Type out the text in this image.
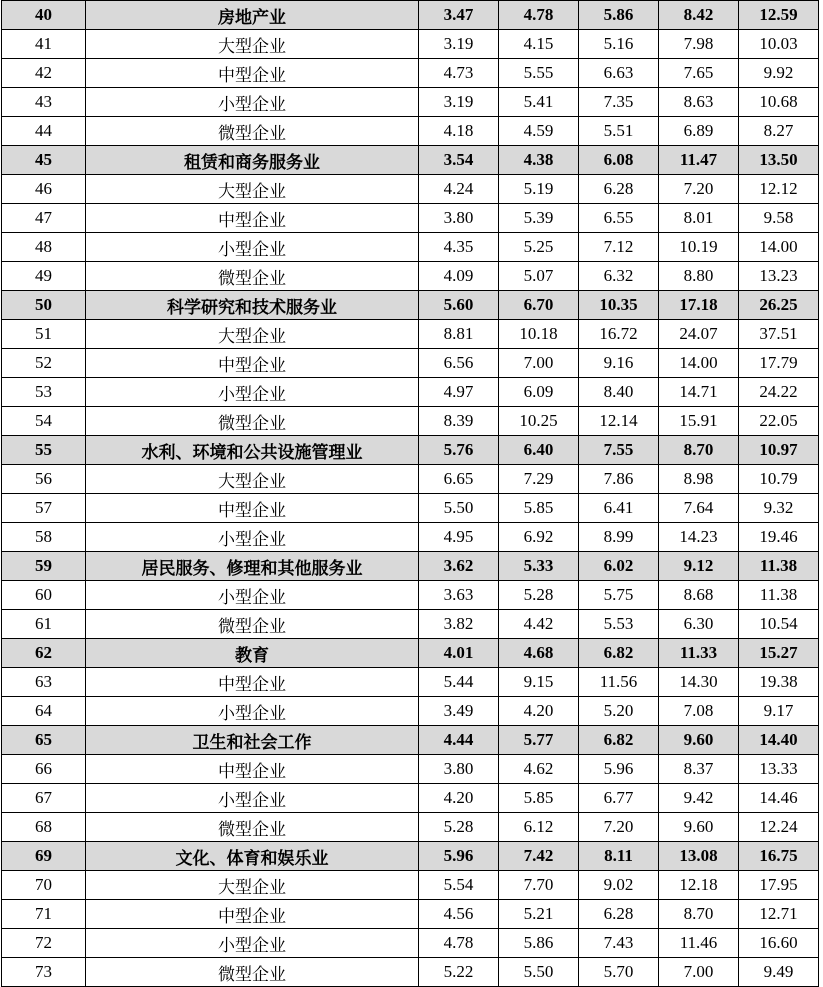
40	房地产业	3.47	4.78	5.86	8.42	12.59
41	大型企业	3.19	4.15	5.16	7.98	10.03
42	中型企业	4.73	5.55	6.63	7.65	9.92
43	小型企业	3.19	5.41	7.35	8.63	10.68
44	微型企业	4.18	4.59	5.51	6.89	8.27
45	租赁和商务服务业	3.54	4.38	6.08	11.47	13.50
46	大型企业	4.24	5.19	6.28	7.20	12.12
47	中型企业	3.80	5.39	6.55	8.01	9.58
48	小型企业	4.35	5.25	7.12	10.19	14.00
49	微型企业	4.09	5.07	6.32	8.80	13.23
50	科学研究和技术服务业	5.60	6.70	10.35	17.18	26.25
51	大型企业	8.81	10.18	16.72	24.07	37.51
52	中型企业	6.56	7.00	9.16	14.00	17.79
53	小型企业	4.97	6.09	8.40	14.71	24.22
54	微型企业	8.39	10.25	12.14	15.91	22.05
55	水利、环境和公共设施管理业	5.76	6.40	7.55	8.70	10.97
56	大型企业	6.65	7.29	7.86	8.98	10.79
57	中型企业	5.50	5.85	6.41	7.64	9.32
58	小型企业	4.95	6.92	8.99	14.23	19.46
59	居民服务、修理和其他服务业	3.62	5.33	6.02	9.12	11.38
60	小型企业	3.63	5.28	5.75	8.68	11.38
61	微型企业	3.82	4.42	5.53	6.30	10.54
62	教育	4.01	4.68	6.82	11.33	15.27
63	中型企业	5.44	9.15	11.56	14.30	19.38
64	小型企业	3.49	4.20	5.20	7.08	9.17
65	卫生和社会工作	4.44	5.77	6.82	9.60	14.40
66	中型企业	3.80	4.62	5.96	8.37	13.33
67	小型企业	4.20	5.85	6.77	9.42	14.46
68	微型企业	5.28	6.12	7.20	9.60	12.24
69	文化、体育和娱乐业	5.96	7.42	8.11	13.08	16.75
70	大型企业	5.54	7.70	9.02	12.18	17.95
71	中型企业	4.56	5.21	6.28	8.70	12.71
72	小型企业	4.78	5.86	7.43	11.46	16.60
73	微型企业	5.22	5.50	5.70	7.00	9.49
